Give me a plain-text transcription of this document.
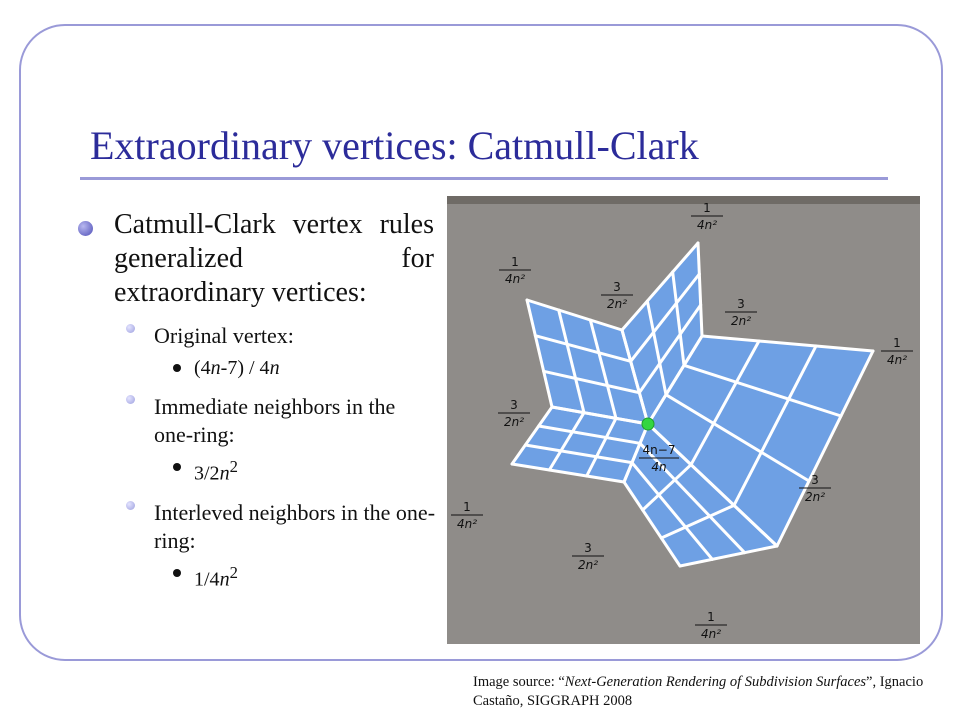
Extraordinary vertices: Catmull-Clark
Catmull-Clark vertex rules generalized for extraordinary vertices:
Original vertex:
(4n-7) / 4n
Immediate neighbors in the one-ring:
$3/2n^2$
Interleved neighbors in the one-ring:
$1/4n^2$
1
4n²
1
4n²
3
2n²	3
2n²
1
4n²
3
2n²
1
4n²
3
2n²
3
2n²
1
4n²
4n−7
4n
Image source: “Next-Generation Rendering of Subdivision Surfaces”, Ignacio Castaño, SIGGRAPH 2008
